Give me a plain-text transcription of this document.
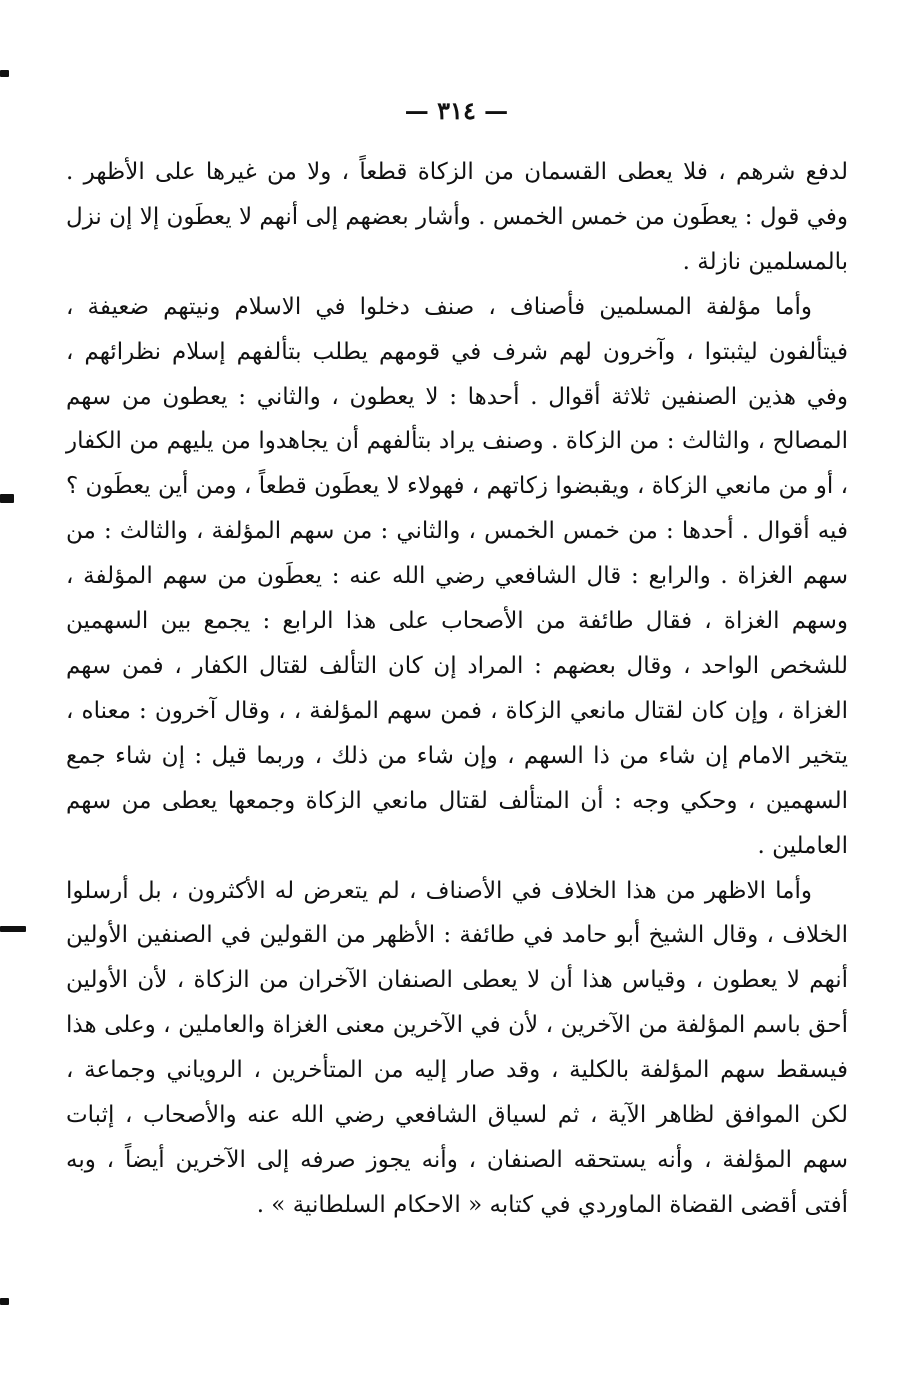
— ٣١٤ —

لدفع شرهم ، فلا يعطى القسمان من الزكاة قطعاً ، ولا من غيرها على الأظهر . وفي قول : يعطَون من خمس الخمس . وأشار بعضهم إلى أنهم لا يعطَون إلا إن نزل بالمسلمين نازلة .

وأما مؤلفة المسلمين فأصناف ، صنف دخلوا في الاسلام ونيتهم ضعيفة ، فيتألفون ليثبتوا ، وآخرون لهم شرف في قومهم يطلب بتألفهم إسلام نظرائهم ، وفي هذين الصنفين ثلاثة أقوال . أحدها : لا يعطون ، والثاني : يعطون من سهم المصالح ، والثالث : من الزكاة . وصنف يراد بتألفهم أن يجاهدوا من يليهم من الكفار ، أو من مانعي الزكاة ، ويقبضوا زكاتهم ، فهولاء لا يعطَون قطعاً ، ومن أين يعطَون ؟ فيه أقوال . أحدها : من خمس الخمس ، والثاني : من سهم المؤلفة ، والثالث : من سهم الغزاة . والرابع : قال الشافعي رضي الله عنه : يعطَون من سهم المؤلفة ، وسهم الغزاة ، فقال طائفة من الأصحاب على هذا الرابع : يجمع بين السهمين للشخص الواحد ، وقال بعضهم : المراد إن كان التألف لقتال الكفار ، فمن سهم الغزاة ، وإن كان لقتال مانعي الزكاة ، فمن سهم المؤلفة ، ، وقال آخرون : معناه ، يتخير الامام إن شاء من ذا السهم ، وإن شاء من ذلك ، وربما قيل : إن شاء جمع السهمين ، وحكي وجه : أن المتألف لقتال مانعي الزكاة وجمعها يعطى من سهم العاملين .

وأما الاظهر من هذا الخلاف في الأصناف ، لم يتعرض له الأكثرون ، بل أرسلوا الخلاف ، وقال الشيخ أبو حامد في طائفة : الأظهر من القولين في الصنفين الأولين أنهم لا يعطون ، وقياس هذا أن لا يعطى الصنفان الآخران من الزكاة ، لأن الأولين أحق باسم المؤلفة من الآخرين ، لأن في الآخرين معنى الغزاة والعاملين ، وعلى هذا فيسقط سهم المؤلفة بالكلية ، وقد صار إليه من المتأخرين ، الروياني وجماعة ، لكن الموافق لظاهر الآية ، ثم لسياق الشافعي رضي الله عنه والأصحاب ، إثبات سهم المؤلفة ، وأنه يستحقه الصنفان ، وأنه يجوز صرفه إلى الآخرين أيضاً ، وبه أفتى أقضى القضاة الماوردي في كتابه « الاحكام السلطانية » .
